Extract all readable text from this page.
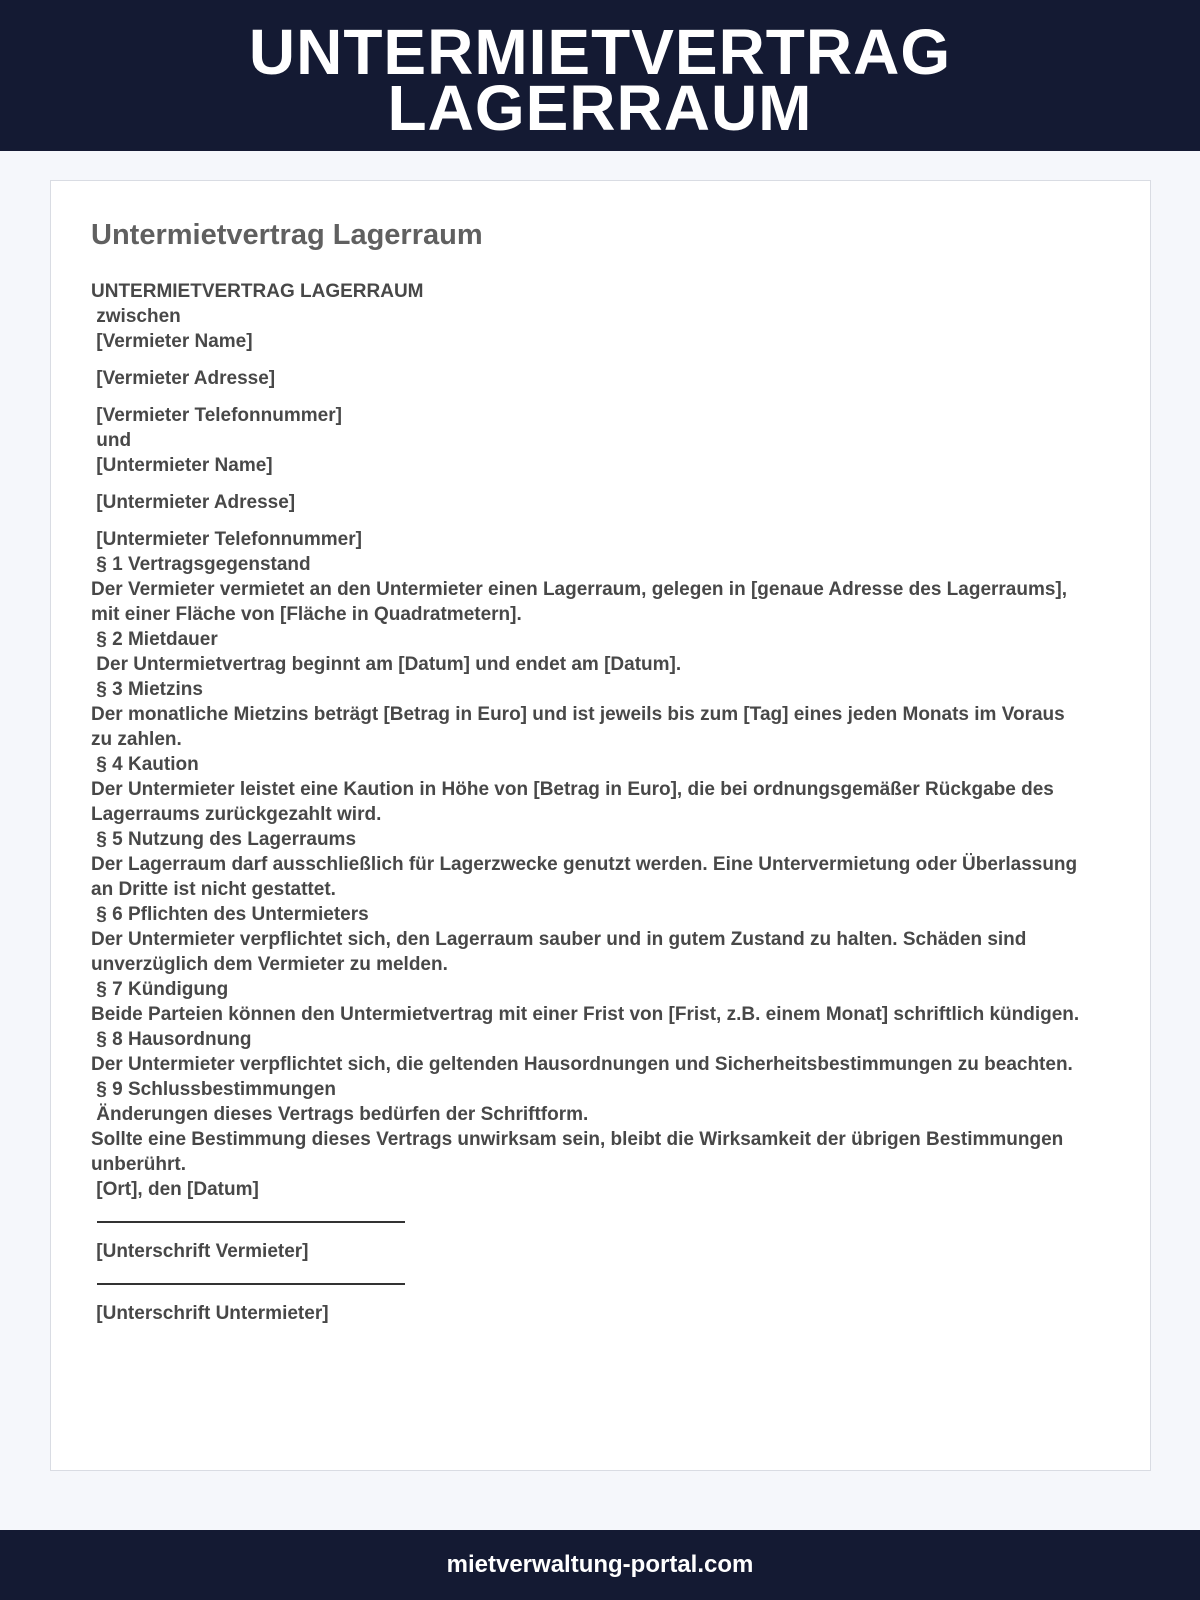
UNTERMIETVERTRAG
LAGERRAUM
Untermietvertrag Lagerraum
UNTERMIETVERTRAG LAGERRAUM
zwischen
[Vermieter Name]
[Vermieter Adresse]
[Vermieter Telefonnummer]
und
[Untermieter Name]
[Untermieter Adresse]
[Untermieter Telefonnummer]
§ 1 Vertragsgegenstand
Der Vermieter vermietet an den Untermieter einen Lagerraum, gelegen in [genaue Adresse des Lagerraums], mit einer Fläche von [Fläche in Quadratmetern].
§ 2 Mietdauer
Der Untermietvertrag beginnt am [Datum] und endet am [Datum].
§ 3 Mietzins
Der monatliche Mietzins beträgt [Betrag in Euro] und ist jeweils bis zum [Tag] eines jeden Monats im Voraus zu zahlen.
§ 4 Kaution
Der Untermieter leistet eine Kaution in Höhe von [Betrag in Euro], die bei ordnungsgemäßer Rückgabe des Lagerraums zurückgezahlt wird.
§ 5 Nutzung des Lagerraums
Der Lagerraum darf ausschließlich für Lagerzwecke genutzt werden. Eine Untervermietung oder Überlassung an Dritte ist nicht gestattet.
§ 6 Pflichten des Untermieters
Der Untermieter verpflichtet sich, den Lagerraum sauber und in gutem Zustand zu halten. Schäden sind unverzüglich dem Vermieter zu melden.
§ 7 Kündigung
Beide Parteien können den Untermietvertrag mit einer Frist von [Frist, z.B. einem Monat] schriftlich kündigen.
§ 8 Hausordnung
Der Untermieter verpflichtet sich, die geltenden Hausordnungen und Sicherheitsbestimmungen zu beachten.
§ 9 Schlussbestimmungen
Änderungen dieses Vertrags bedürfen der Schriftform.
Sollte eine Bestimmung dieses Vertrags unwirksam sein, bleibt die Wirksamkeit der übrigen Bestimmungen unberührt.
[Ort], den [Datum]
[Unterschrift Vermieter]
[Unterschrift Untermieter]
mietverwaltung-portal.com
